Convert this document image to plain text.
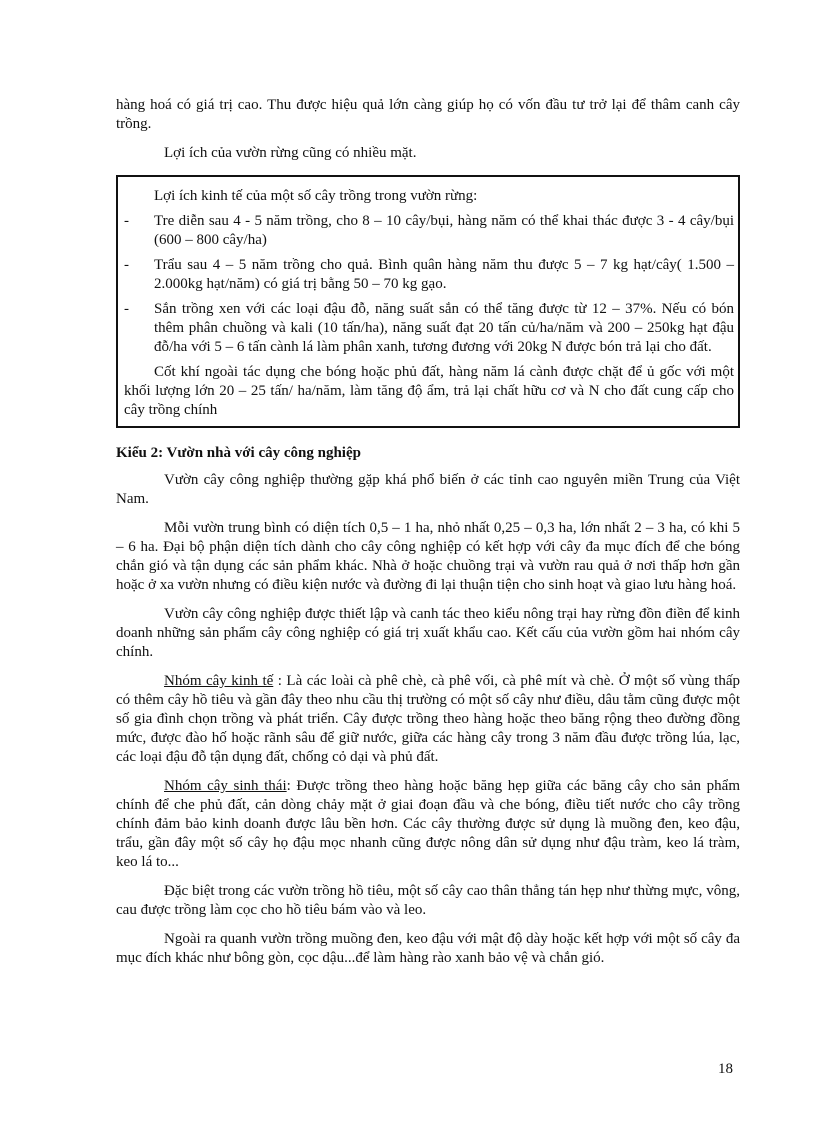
hàng hoá có giá trị cao. Thu được hiệu quả lớn càng giúp họ có vốn đầu tư trở lại để thâm canh cây trồng.

Lợi ích của vườn rừng cũng có nhiều mặt.

Lợi ích kinh tế của một số cây trồng trong vườn rừng:

- Tre diễn sau 4 - 5 năm trồng, cho 8 – 10 cây/bụi, hàng năm có thể khai thác được 3 - 4 cây/bụi (600 – 800 cây/ha)
- Trẩu sau 4 – 5 năm trồng cho quả. Bình quân hàng năm thu được 5 – 7 kg hạt/cây( 1.500 – 2.000kg hạt/năm) có giá trị bằng 50 – 70 kg gạo.
- Sắn trồng xen với các loại đậu đỗ, năng suất sắn có thể tăng được từ 12 – 37%. Nếu có bón thêm phân chuồng và kali (10 tấn/ha), năng suất đạt 20 tấn củ/ha/năm và 200 – 250kg hạt đậu đỗ/ha với 5 – 6 tấn cành lá làm phân xanh, tương đương với 20kg N được bón trả lại cho đất.

Cốt khí ngoài tác dụng che bóng hoặc phủ đất, hàng năm lá cành được chặt để ủ gốc với một khối lượng lớn 20 – 25 tấn/ ha/năm, làm tăng độ ẩm, trả lại chất hữu cơ và N cho đất cung cấp cho cây trồng chính

Kiểu 2: Vườn nhà với cây công nghiệp

Vườn cây công nghiệp thường gặp khá phổ biến ở các tỉnh cao nguyên miền Trung của Việt Nam.

Mỗi vườn trung bình có diện tích 0,5 – 1 ha, nhỏ nhất 0,25 – 0,3 ha, lớn nhất 2 – 3 ha, có khi 5 – 6 ha. Đại bộ phận diện tích dành cho cây công nghiệp có kết hợp với cây đa mục đích để che bóng chắn gió và tận dụng các sản phẩm khác. Nhà ở hoặc chuồng trại và vườn rau quả ở nơi thấp hơn gần hoặc ở xa vườn nhưng có điều kiện nước và đường đi lại thuận tiện cho sinh hoạt và giao lưu hàng hoá.

Vườn cây công nghiệp được thiết lập và canh tác theo kiểu nông trại hay rừng đồn điền để kinh doanh những sản phẩm cây công nghiệp có giá trị xuất khẩu cao. Kết cấu của vườn gồm hai nhóm cây chính.

Nhóm cây kinh tế : Là các loài cà phê chè, cà phê vối, cà phê mít và chè. Ở một số vùng thấp có thêm cây hồ tiêu và gần đây theo nhu cầu thị trường có một số cây như điều, dâu tằm cũng được một số gia đình chọn trồng và phát triển. Cây được trồng theo hàng hoặc theo băng rộng theo đường đồng mức, được đào hố hoặc rãnh sâu để giữ nước, giữa các hàng cây trong 3 năm đầu được trồng lúa, lạc, các loại đậu đỗ tận dụng đất, chống cỏ dại và phủ đất.

Nhóm cây sinh thái: Được trồng theo hàng hoặc băng hẹp giữa các băng cây cho sản phẩm chính để che phủ đất, cản dòng chảy mặt ở giai đoạn đầu và che bóng, điều tiết nước cho cây trồng chính đảm bảo kinh doanh được lâu bền hơn. Các cây thường được sử dụng là muồng đen, keo đậu, trẩu, gần đây một số cây họ đậu mọc nhanh cũng được nông dân sử dụng như đậu tràm, keo lá tràm, keo lá to...

Đặc biệt trong các vườn trồng hồ tiêu, một số cây cao thân thẳng tán hẹp như thừng mực, vông, cau được trồng làm cọc cho hồ tiêu bám vào và leo.

Ngoài ra quanh vườn trồng muồng đen, keo đậu với mật độ dày hoặc kết hợp với một số cây đa mục đích khác như bông gòn, cọc dậu...để làm hàng rào xanh bảo vệ và chắn gió.

18
